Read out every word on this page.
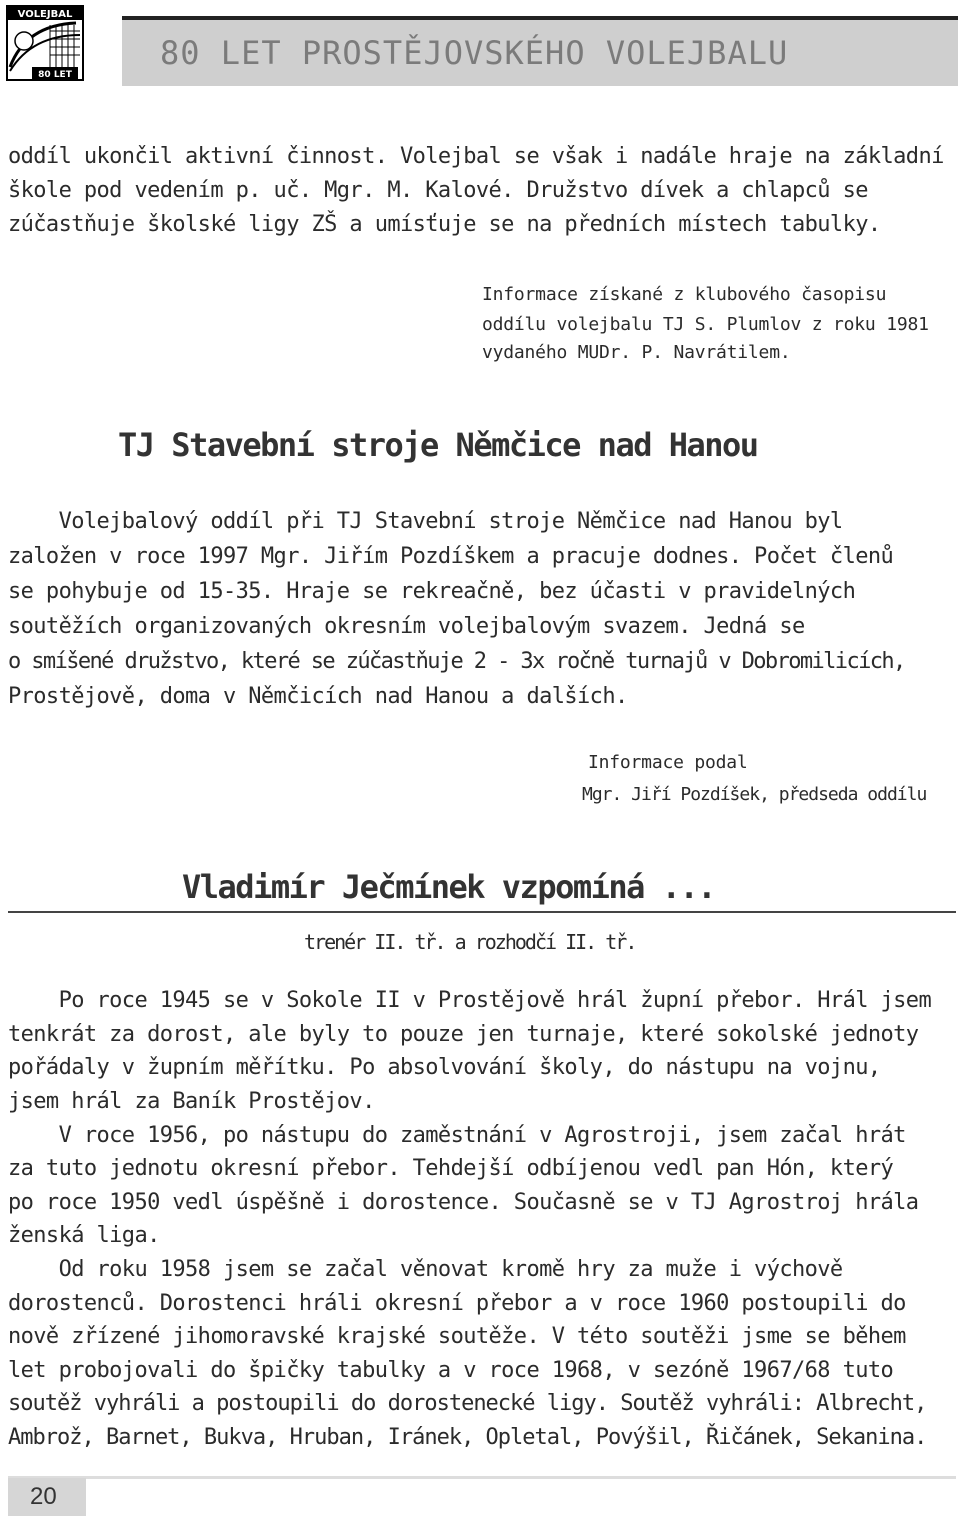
VOLEJBAL
80 LET
80 LET PROSTĚJOVSKÉHO VOLEJBALU
oddíl ukončil aktivní činnost. Volejbal se však i nadále hraje na základní
škole pod vedením p. uč. Mgr. M. Kalové. Družstvo dívek a chlapců se
zúčastňuje školské ligy ZŠ a umísťuje se na předních místech tabulky.
Informace získané z klubového časopisu
oddílu volejbalu TJ S. Plumlov z roku 1981
vydaného MUDr. P. Navrátilem.
TJ Stavební stroje Němčice nad Hanou
Volejbalový oddíl při TJ Stavební stroje Němčice nad Hanou byl
založen v roce 1997 Mgr. Jiřím Pozdíškem a pracuje dodnes. Počet členů
se pohybuje od 15-35. Hraje se rekreačně, bez účasti v pravidelných
soutěžích organizovaných okresním volejbalovým svazem. Jedná se
o smíšené družstvo, které se zúčastňuje 2 - 3x ročně turnajů v Dobromilicích,
Prostějově, doma v Němčicích nad Hanou a dalších.
Informace podal
Mgr. Jiří Pozdíšek, předseda oddílu
Vladimír Ječmínek vzpomíná ...
trenér II. tř. a rozhodčí II. tř.
Po roce 1945 se v Sokole II v Prostějově hrál župní přebor. Hrál jsem
tenkrát za dorost, ale byly to pouze jen turnaje, které sokolské jednoty
pořádaly v župním měřítku. Po absolvování školy, do nástupu na vojnu,
jsem hrál za Baník Prostějov.
V roce 1956, po nástupu do zaměstnání v Agrostroji, jsem začal hrát
za tuto jednotu okresní přebor. Tehdejší odbíjenou vedl pan Hón, který
po roce 1950 vedl úspěšně i dorostence. Současně se v TJ Agrostroj hrála
ženská liga.
Od roku 1958 jsem se začal věnovat kromě hry za muže i výchově
dorostenců. Dorostenci hráli okresní přebor a v roce 1960 postoupili do
nově zřízené jihomoravské krajské soutěže. V této soutěži jsme se během
let probojovali do špičky tabulky a v roce 1968, v sezóně 1967/68 tuto
soutěž vyhráli a postoupili do dorostenecké ligy. Soutěž vyhráli: Albrecht,
Ambrož, Barnet, Bukva, Hruban, Iránek, Opletal, Povýšil, Řičánek, Sekanina.
20
